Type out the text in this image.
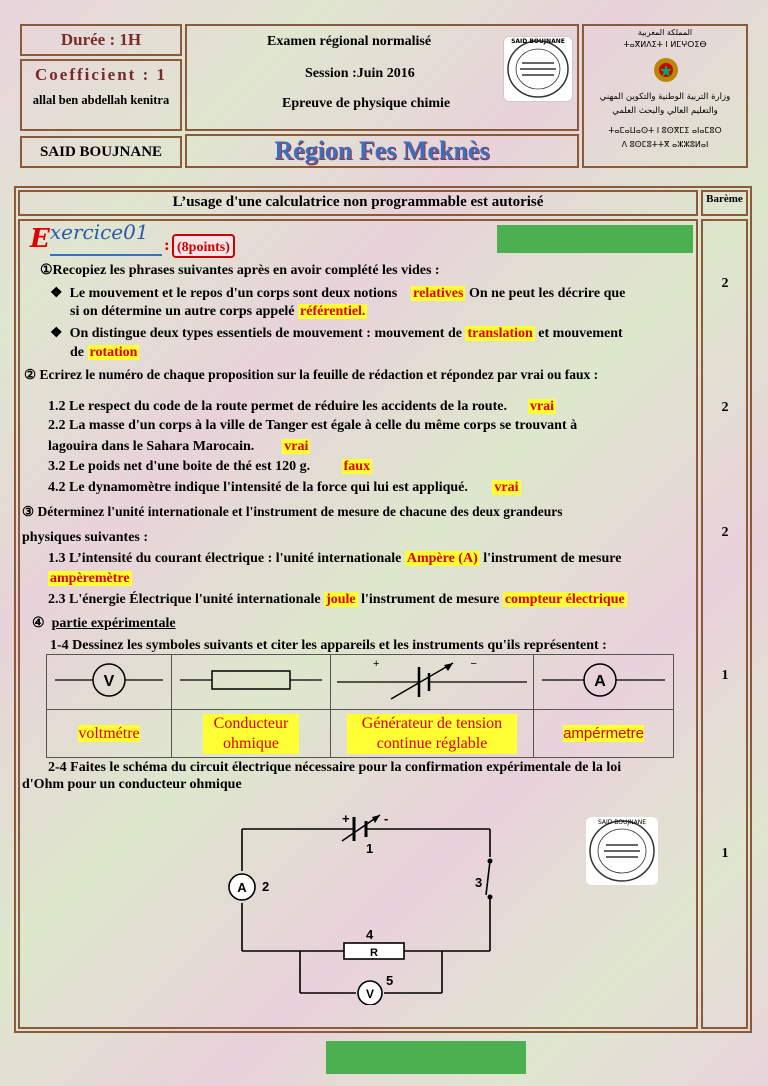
Durée : 1H
Coefficient : 1
allal ben abdellah kenitra
SAID BOUJNANE
Examen régional normalisé
Session :Juin 2016
Epreuve de physique chimie
SAID BOUJNANE
Région Fes Meknès
المملكة المغربية
ⵜⴰⴳⵍⴷⵉⵜ ⵏ ⵍⵎⵖⵔⵉⴱ
وزارة التربية الوطنية والتكوين المهني
والتعليم العالي والبحث العلمي
ⵜⴰⵎⴰⵡⴰⵙⵜ ⵏ ⵓⵙⴳⵎⵉ ⴰⵏⴰⵎⵓⵔ
ⴷ ⵓⵙⵎⵓⵜⵜⴳ ⴰⵣⵣⵓⵍⴰⵏ
L’usage d'une calculatrice non programmable est autorisé	Barème
Exercice01
: (8points)
①Recopiez les phrases suivantes après en avoir complété les vides :
❖ Le mouvement et le repos d'un corps sont deux notions relatives On ne peut les décrire que
si on détermine un autre corps appelé référentiel.
❖ On distingue deux types essentiels de mouvement : mouvement de translation et mouvement
de rotation
2
② Ecrirez le numéro de chaque proposition sur la feuille de rédaction et répondez par vrai ou faux :
1.2 Le respect du code de la route permet de réduire les accidents de la route. vrai
2.2 La masse d'un corps à la ville de Tanger est égale à celle du même corps se trouvant à
lagouira dans le Sahara Marocain. vrai
3.2 Le poids net d'une boite de thé est 120 g. faux
4.2 Le dynamomètre indique l'intensité de la force qui lui est appliqué. vrai
2
③ Déterminez l'unité internationale et l'instrument de mesure de chacune des deux grandeurs
physiques suivantes :
1.3 L’intensité du courant électrique : l'unité internationale Ampère (A) l'instrument de mesure
ampèremètre
2.3 L'énergie Électrique l'unité internationale joule l'instrument de mesure compteur électrique
2
④ partie expérimentale
1-4 Dessinez les symboles suivants et citer les appareils et les instruments qu'ils représentent :
V		+ −	A

voltmétre	Conducteur ohmique	Générateur de tension continue réglable	ampérmetre
1
2-4 Faites le schéma du circuit électrique nécessaire pour la confirmation expérimentale de la loi
d'Ohm pour un conducteur ohmique
1
+	-
1
A 2	3
R
4
V
5
SAID BOUJNANE
